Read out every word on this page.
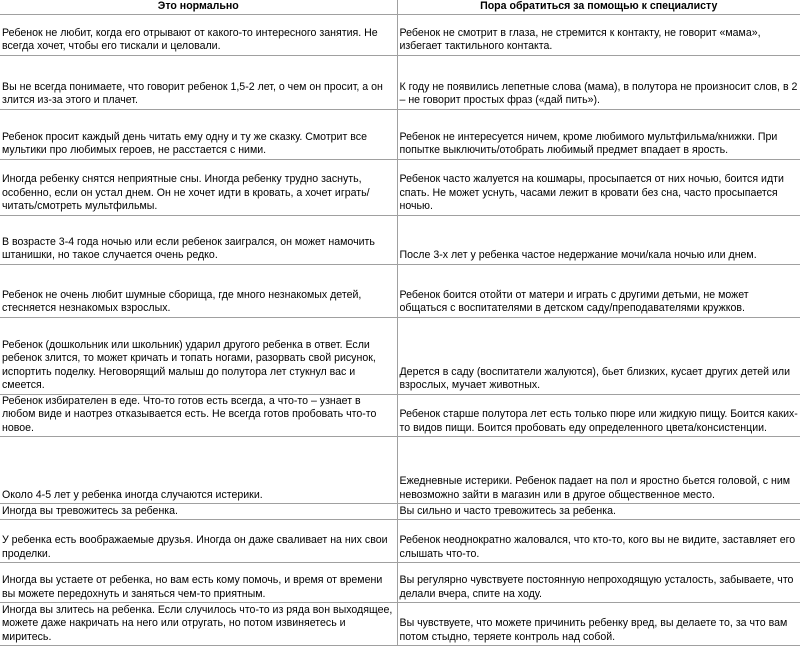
Это нормально	Пора обратиться за помощью к специалисту
Ребенок не любит, когда его отрывают от какого-то интересного занятия. Не всегда хочет, чтобы его тискали и целовали.	Ребенок не смотрит в глаза, не стремится к контакту, не говорит «мама», избегает тактильного контакта.
Вы не всегда понимаете, что говорит ребенок 1,5-2 лет, о чем он просит, а он злится из-за этого и плачет.	К году не появились лепетные слова (мама), в полутора не произносит слов, в 2 – не говорит простых фраз («дай пить»).
Ребенок просит каждый день читать ему одну и ту же сказку. Смотрит все мультики про любимых героев, не расстается с ними.	Ребенок не интересуется ничем, кроме любимого мультфильма/книжки. При попытке выключить/отобрать любимый предмет впадает в ярость.
Иногда ребенку снятся неприятные сны. Иногда ребенку трудно заснуть, особенно, если он устал днем. Он не хочет идти в кровать, а хочет играть/читать/смотреть мультфильмы.	Ребенок часто жалуется на кошмары, просыпается от них ночью, боится идти спать. Не может уснуть, часами лежит в кровати без сна, часто просыпается ночью.
В возрасте 3-4 года ночью или если ребенок заигрался, он может намочить штанишки, но такое случается очень редко.	После 3-х лет у ребенка частое недержание мочи/кала ночью или днем.
Ребенок не очень любит шумные сборища, где много незнакомых детей, стесняется незнакомых взрослых.	Ребенок боится отойти от матери и играть с другими детьми, не может общаться с воспитателями в детском саду/преподавателями кружков.
Ребенок (дошкольник или школьник) ударил другого ребенка в ответ. Если ребенок злится, то может кричать и топать ногами, разорвать свой рисунок, испортить поделку. Неговорящий малыш до полутора лет стукнул вас и смеется.	Дерется в саду (воспитатели жалуются), бьет близких, кусает других детей или взрослых, мучает животных.
Ребенок избирателен в еде. Что-то готов есть всегда, а что-то – узнает в любом виде и наотрез отказывается есть. Не всегда готов пробовать что-то новое.	Ребенок старше полутора лет есть только пюре или жидкую пищу. Боится каких-то видов пищи. Боится пробовать еду определенного цвета/консистенции.
Около 4-5 лет у ребенка иногда случаются истерики.	Ежедневные истерики. Ребенок падает на пол и яростно бьется головой, с ним невозможно зайти в магазин или в другое общественное место.
Иногда вы тревожитесь за ребенка.	Вы сильно и часто тревожитесь за ребенка.
У ребенка есть воображаемые друзья. Иногда он даже сваливает на них свои проделки.	Ребенок неоднократно жаловался, что кто-то, кого вы не видите, заставляет его слышать что-то.
Иногда вы устаете от ребенка, но вам есть кому помочь, и время от времени вы можете передохнуть и заняться чем-то приятным.	Вы регулярно чувствуете постоянную непроходящую усталость, забываете, что делали вчера, спите на ходу.
Иногда вы злитесь на ребенка. Если случилось что-то из ряда вон выходящее, можете даже накричать на него или отругать, но потом извиняетесь и миритесь.	Вы чувствуете, что можете причинить ребенку вред, вы делаете то, за что вам потом стыдно, теряете контроль над собой.
